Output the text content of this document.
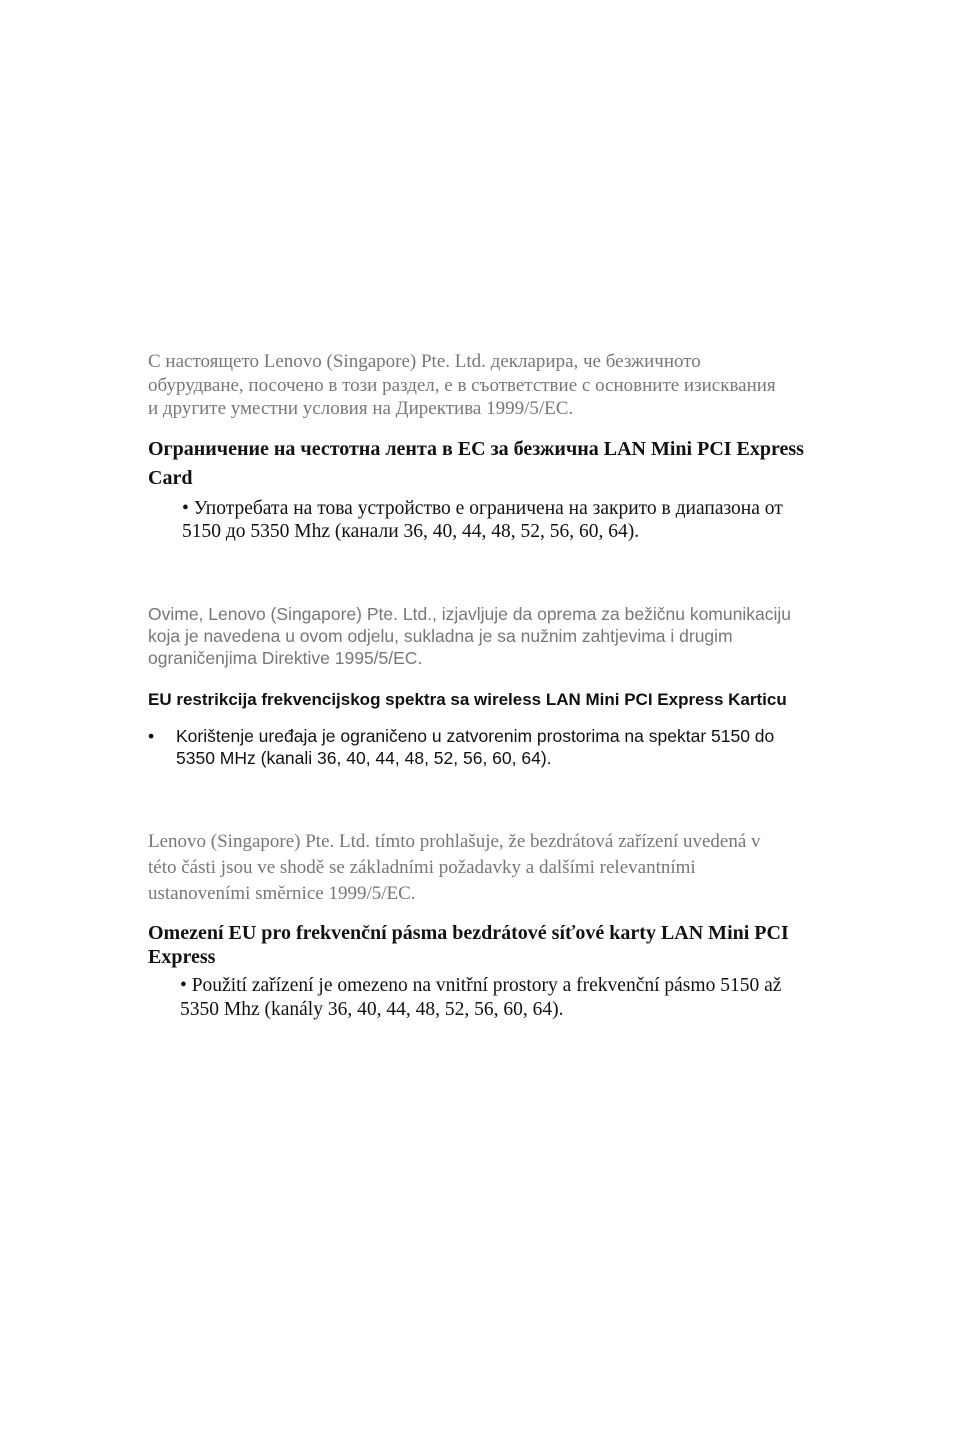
С настоящето Lenovo (Singapore) Pte. Ltd. декларира, че безжичното
обурудване, посочено в този раздел, е в съответствие с основните изисквания
и другите уместни условия на Директива 1999/5/EC.

Ограничение на честотна лента в ЕС за безжична LAN Mini PCI Express
Card

• Употребата на това устройство е ограничена на закрито в диапазона от
5150 до 5350 Mhz (канали 36, 40, 44, 48, 52, 56, 60, 64).

Ovime, Lenovo (Singapore) Pte. Ltd., izjavljuje da oprema za bežičnu komunikaciju
koja je navedena u ovom odjelu, sukladna je sa nužnim zahtjevima i drugim
ograničenjima Direktive 1995/5/EC.

EU restrikcija frekvencijskog spektra sa wireless LAN Mini PCI Express Karticu

•	Korištenje uređaja je ograničeno u zatvorenim prostorima na spektar 5150 do
5350 MHz (kanali 36, 40, 44, 48, 52, 56, 60, 64).

Lenovo (Singapore) Pte. Ltd. tímto prohlašuje, že bezdrátová zařízení uvedená v
této části jsou ve shodě se základními požadavky a dalšími relevantními
ustanoveními směrnice 1999/5/EC.

Omezení EU pro frekvenční pásma bezdrátové síťové karty LAN Mini PCI
Express

• Použití zařízení je omezeno na vnitřní prostory a frekvenční pásmo 5150 až
5350 Mhz (kanály 36, 40, 44, 48, 52, 56, 60, 64).
